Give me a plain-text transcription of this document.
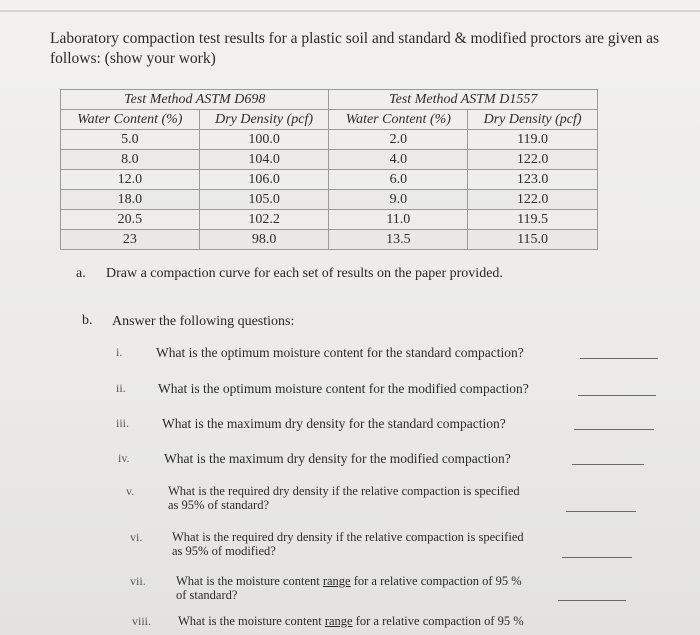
Laboratory compaction test results for a plastic soil and standard & modified proctors are given as follows: (show your work)
Test Method ASTM D698		Test Method ASTM D1557	
Water Content (%)	Dry Density (pcf)	Water Content (%)	Dry Density (pcf)
5.0	100.0	2.0	119.0
8.0	104.0	4.0	122.0
12.0	106.0	6.0	123.0
18.0	105.0	9.0	122.0
20.5	102.2	11.0	119.5
23	98.0	13.5	115.0
a. Draw a compaction curve for each set of results on the paper provided.
b. Answer the following questions:
i. What is the optimum moisture content for the standard compaction?
ii. What is the optimum moisture content for the modified compaction?
iii. What is the maximum dry density for the standard compaction?
iv.	What is the maximum dry density for the modified compaction?
v.	What is the required dry density if the relative compaction is specified
as 95% of standard?
vi. What is the required dry density if the relative compaction is specified
as 95% of modified?
vii. What is the moisture content range for a relative compaction of 95 %
of standard?
viii. What is the moisture content range for a relative compaction of 95 %
